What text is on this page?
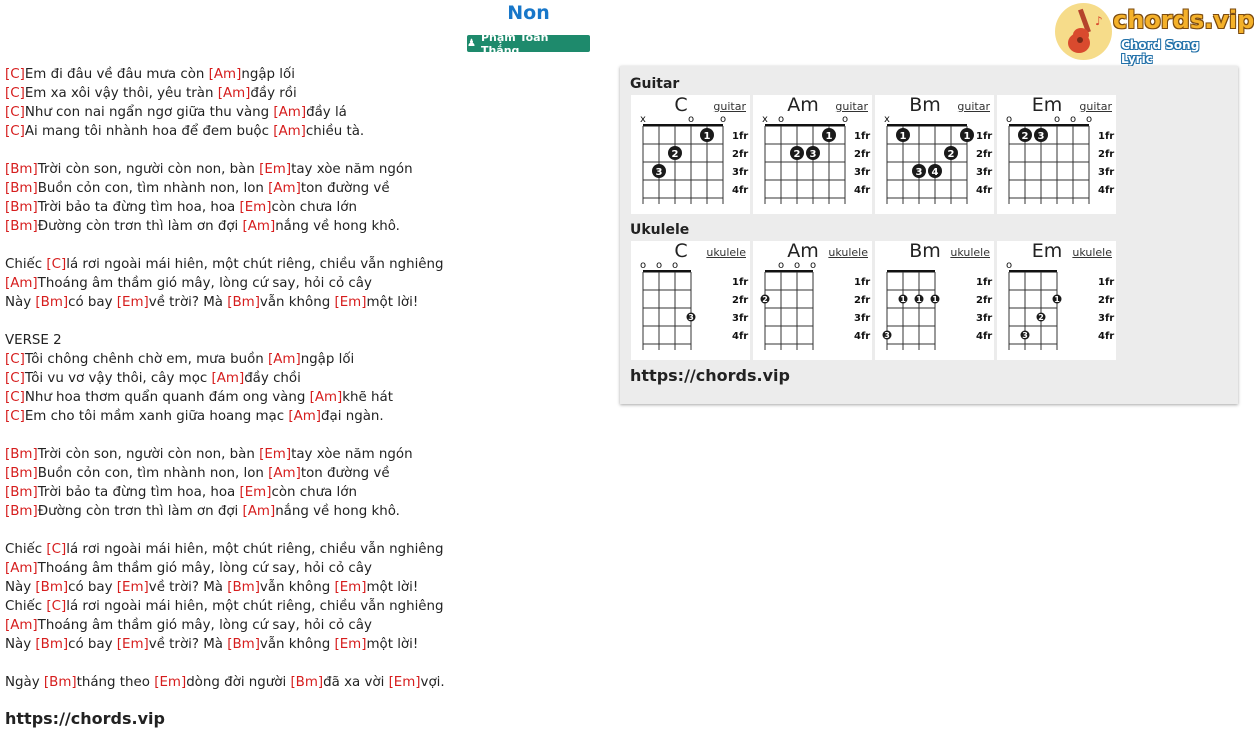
Non
♟ Phạm Toàn Thắng
♪ chords.vip
Chord Song Lyric
[C]Em đi đâu về đâu mưa còn [Am]ngập lối
[C]Em xa xôi vậy thôi, yêu tràn [Am]đầy rồi
[C]Như con nai ngẩn ngơ giữa thu vàng [Am]đầy lá
[C]Ai mang tôi nhành hoa để đem buộc [Am]chiều tà.
[Bm]Trời còn son, người còn non, bàn [Em]tay xòe năm ngón
[Bm]Buồn cỏn con, tìm nhành non, lon [Am]ton đường về
[Bm]Trời bảo ta đừng tìm hoa, hoa [Em]còn chưa lớn
[Bm]Đường còn trơn thì làm ơn đợi [Am]nắng về hong khô.
Chiếc [C]lá rơi ngoài mái hiên, một chút riêng, chiều vẫn nghiêng
[Am]Thoáng âm thầm gió mây, lòng cứ say, hỏi cỏ cây
Này [Bm]có bay [Em]về trời? Mà [Bm]vẫn không [Em]một lời!
VERSE 2
[C]Tôi chông chênh chờ em, mưa buồn [Am]ngập lối
[C]Tôi vu vơ vậy thôi, cây mọc [Am]đầy chồi
[C]Như hoa thơm quẩn quanh đám ong vàng [Am]khẽ hát
[C]Em cho tôi mầm xanh giữa hoang mạc [Am]đại ngàn.
[Bm]Trời còn son, người còn non, bàn [Em]tay xòe năm ngón
[Bm]Buồn cỏn con, tìm nhành non, lon [Am]ton đường về
[Bm]Trời bảo ta đừng tìm hoa, hoa [Em]còn chưa lớn
[Bm]Đường còn trơn thì làm ơn đợi [Am]nắng về hong khô.
Chiếc [C]lá rơi ngoài mái hiên, một chút riêng, chiều vẫn nghiêng
[Am]Thoáng âm thầm gió mây, lòng cứ say, hỏi cỏ cây
Này [Bm]có bay [Em]về trời? Mà [Bm]vẫn không [Em]một lời!
Chiếc [C]lá rơi ngoài mái hiên, một chút riêng, chiều vẫn nghiêng
[Am]Thoáng âm thầm gió mây, lòng cứ say, hỏi cỏ cây
Này [Bm]có bay [Em]về trời? Mà [Bm]vẫn không [Em]một lời!
Ngày [Bm]tháng theo [Em]dòng đời người [Bm]đã xa vời [Em]vợi.
https://chords.vip
Guitar
Ukulele
https://chords.vip
C	guitar
x	o	o
1fr
2fr
3fr
4fr
1
2
3
Am	guitar
x o	o
1fr
2fr
3fr
4fr
1
2 3
Bm	guitar
x
1fr
2fr
3fr
4fr
1	1
2
3 4
Em	guitar
o	o o o
1fr
2fr
3fr
4fr
2 3
C	ukulele
o o o
1fr
2fr
3fr
4fr
3
Am ukulele
o o o
1fr
2fr
3fr
4fr
2
Bm ukulele
1fr
2fr
3fr
4fr
1 1 1
3
Em ukulele
o
1fr
2fr
3fr
4fr
1
2
3
